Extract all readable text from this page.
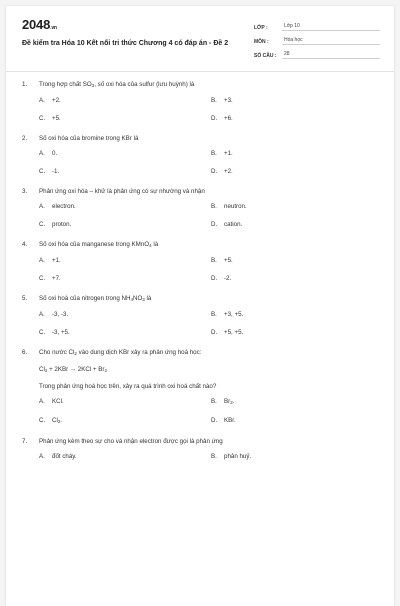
2048.vn
Đề kiểm tra Hóa 10 Kết nối tri thức Chương 4 có đáp án - Đề 2
LỚP :	Lớp 10
MÔN :	Hóa học
SỐ CÂU :	28
1.	Trong hợp chất $SO_3$, số oxi hóa của sulfur (lưu huỳnh) là
A.	+2.	B.	+3.
C.	+5.	D.	+6.
2.	Số oxi hóa của bromine trong KBr là
A.	0.	B.	+1.
C.	-1.	D.	+2.
3.	Phản ứng oxi hóa – khử là phản ứng có sự nhường và nhận
A.	electron.	B.	neutron.
C.	proton.	D.	cation.
4.	Số oxi hóa của manganese trong KMnO$_4$ là
A.	+1.	B.	+5.
C.	+7.	D.	-2.
5.	Số oxi hoá của nitrogen trong $NH_4NO_3$ là
A.	-3, -3.	B.	+3, +5.
C.	-3, +5.	D.	+5, +5.
6.	Cho nước $Cl_2$ vào dung dịch KBr xảy ra phản ứng hoá học:
$Cl_2 + 2KBr \to 2KCl + Br_2$
Trong phản ứng hoá học trên, xảy ra quá trình oxi hoá chất nào?
A.	KCl.	B.	$Br_2$.
C.	$Cl_2$.	D.	KBr.
7.	Phản ứng kèm theo sự cho và nhận electron được gọi là phản ứng
A.	đốt cháy.	B.	phân huỷ.
